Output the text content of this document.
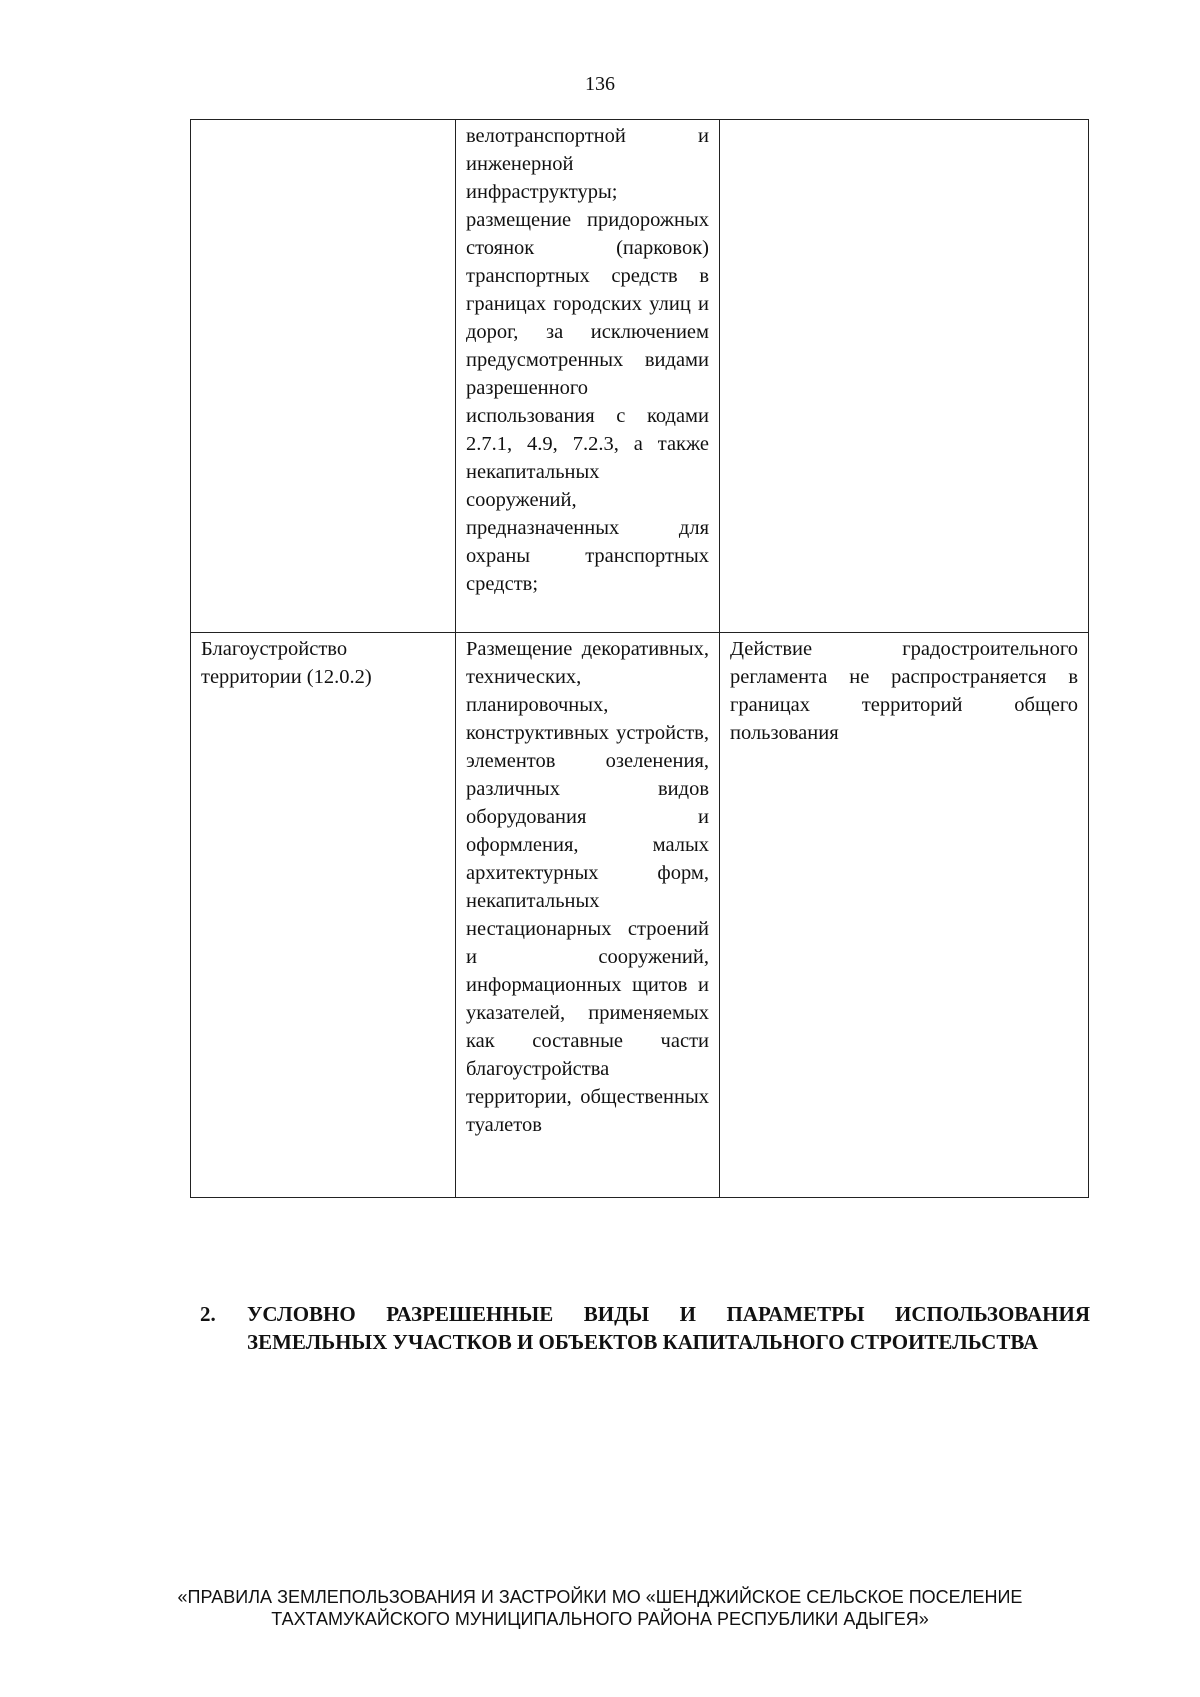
136
	велотранспортной и инженерной инфраструктуры; размещение придорожных стоянок (парковок) транспортных средств в границах городских улиц и дорог, за исключением предусмотренных видами разрешенного использования с кодами 2.7.1, 4.9, 7.2.3, а также некапитальных сооружений, предназначенных для охраны транспортных средств;	
Благоустройство территории (12.0.2)	Размещение декоративных, технических, планировочных, конструктивных устройств, элементов озеленения, различных видов оборудования и оформления, малых архитектурных форм, некапитальных нестационарных строений и сооружений, информационных щитов и указателей, применяемых как составные части благоустройства территории, общественных туалетов	Действие градостроительного регламента не распространяется в границах территорий общего пользования
2. УСЛОВНО РАЗРЕШЕННЫЕ ВИДЫ И ПАРАМЕТРЫ ИСПОЛЬЗОВАНИЯ ЗЕМЕЛЬНЫХ УЧАСТКОВ И ОБЪЕКТОВ КАПИТАЛЬНОГО СТРОИТЕЛЬСТВА
«ПРАВИЛА ЗЕМЛЕПОЛЬЗОВАНИЯ И ЗАСТРОЙКИ МО «ШЕНДЖИЙСКОЕ СЕЛЬСКОЕ ПОСЕЛЕНИЕ
ТАХТАМУКАЙСКОГО МУНИЦИПАЛЬНОГО РАЙОНА РЕСПУБЛИКИ АДЫГЕЯ»
